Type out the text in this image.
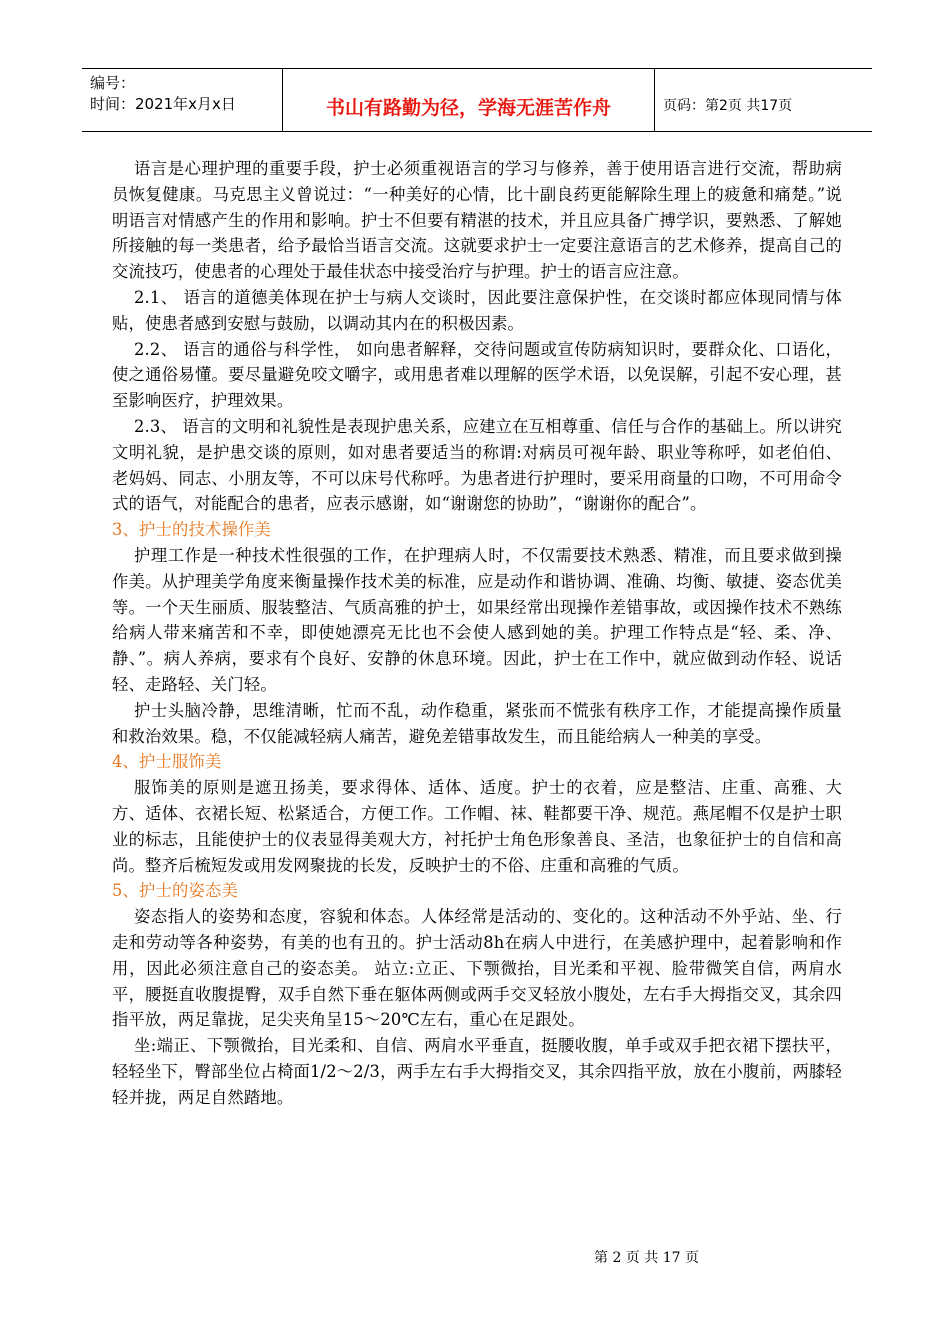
编号：
时间：2021年x月x日	书山有路勤为径，学海无涯苦作舟	页码：第2页 共17页

语言是心理护理的重要手段，护士必须重视语言的学习与修养，善于使用语言进行交流，帮助病员恢复健康。马克思主义曾说过：“一种美好的心情，比十副良药更能解除生理上的疲惫和痛楚。”说明语言对情感产生的作用和影响。护士不但要有精湛的技术，并且应具备广搏学识，要熟悉、了解她所接触的每一类患者，给予最恰当语言交流。这就要求护士一定要注意语言的艺术修养，提高自己的交流技巧，使患者的心理处于最佳状态中接受治疗与护理。护士的语言应注意。

2.1、 语言的道德美体现在护士与病人交谈时，因此要注意保护性，在交谈时都应体现同情与体贴，使患者感到安慰与鼓励，以调动其内在的积极因素。

2.2、 语言的通俗与科学性， 如向患者解释，交待问题或宣传防病知识时，要群众化、口语化，使之通俗易懂。要尽量避免咬文嚼字，或用患者难以理解的医学术语，以免误解，引起不安心理，甚至影响医疗，护理效果。

2.3、 语言的文明和礼貌性是表现护患关系，应建立在互相尊重、信任与合作的基础上。所以讲究文明礼貌，是护患交谈的原则，如对患者要适当的称谓:对病员可视年龄、职业等称呼，如老伯伯、老妈妈、同志、小朋友等，不可以床号代称呼。为患者进行护理时，要采用商量的口吻，不可用命令式的语气，对能配合的患者，应表示感谢，如“谢谢您的协助”，“谢谢你的配合”。

3、护士的技术操作美

护理工作是一种技术性很强的工作，在护理病人时，不仅需要技术熟悉、精准，而且要求做到操作美。从护理美学角度来衡量操作技术美的标准，应是动作和谐协调、准确、均衡、敏捷、姿态优美等。一个天生丽质、服装整洁、气质高雅的护士，如果经常出现操作差错事故，或因操作技术不熟练给病人带来痛苦和不幸，即使她漂亮无比也不会使人感到她的美。护理工作特点是“轻、柔、净、静、”。病人养病，要求有个良好、安静的休息环境。因此，护士在工作中，就应做到动作轻、说话轻、走路轻、关门轻。

护士头脑冷静，思维清晰，忙而不乱，动作稳重，紧张而不慌张有秩序工作，才能提高操作质量和救治效果。稳，不仅能减轻病人痛苦，避免差错事故发生，而且能给病人一种美的享受。

4、护士服饰美

服饰美的原则是遮丑扬美，要求得体、适体、适度。护士的衣着，应是整洁、庄重、高雅、大方、适体、衣裙长短、松紧适合，方便工作。工作帽、袜、鞋都要干净、规范。燕尾帽不仅是护士职业的标志，且能使护士的仪表显得美观大方，衬托护士角色形象善良、圣洁，也象征护士的自信和高尚。整齐后梳短发或用发网聚拢的长发，反映护士的不俗、庄重和高雅的气质。

5、护士的姿态美

姿态指人的姿势和态度，容貌和体态。人体经常是活动的、变化的。这种活动不外乎站、坐、行走和劳动等各种姿势，有美的也有丑的。护士活动8h在病人中进行，在美感护理中，起着影响和作用，因此必须注意自己的姿态美。 站立:立正、下颚微抬，目光柔和平视、脸带微笑自信，两肩水平，腰挺直收腹提臀，双手自然下垂在躯体两侧或两手交叉轻放小腹处，左右手大拇指交叉，其余四指平放，两足靠拢，足尖夹角呈15～20℃左右，重心在足跟处。

坐:端正、下颚微抬，目光柔和、自信、两肩水平垂直，挺腰收腹，单手或双手把衣裙下摆扶平，轻轻坐下，臀部坐位占椅面1/2～2/3，两手左右手大拇指交叉，其余四指平放，放在小腹前，两膝轻轻并拢，两足自然踏地。

第 2 页 共 17 页
